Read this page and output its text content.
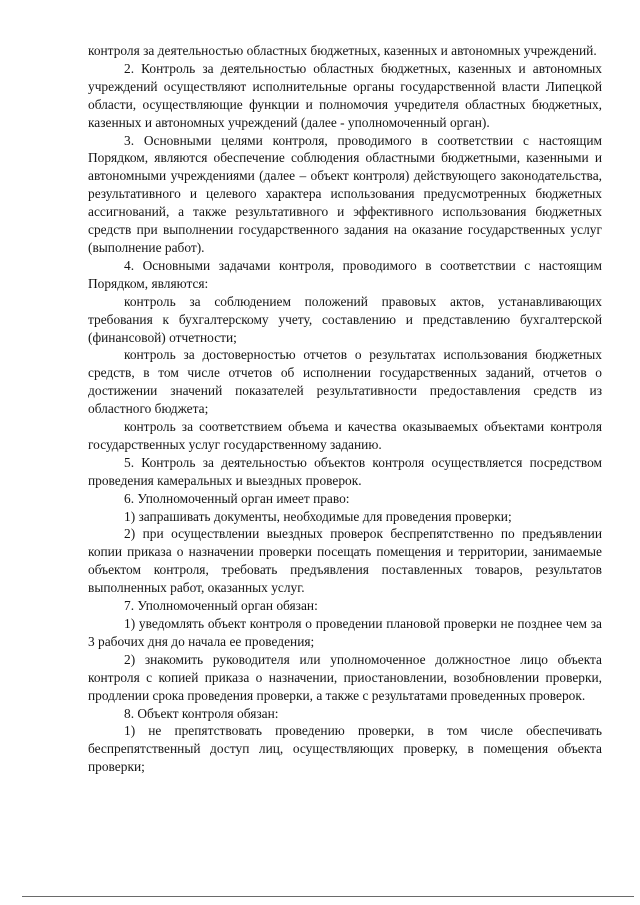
контроля за деятельностью областных бюджетных, казенных и автономных учреждений.

2. Контроль за деятельностью областных бюджетных, казенных и автономных учреждений осуществляют исполнительные органы государственной власти Липецкой области, осуществляющие функции и полномочия учредителя областных бюджетных, казенных и автономных учреждений (далее - уполномоченный орган).

3. Основными целями контроля, проводимого в соответствии с настоящим Порядком, являются обеспечение соблюдения областными бюджетными, казенными и автономными учреждениями (далее – объект контроля) действующего законодательства, результативного и целевого характера использования предусмотренных бюджетных ассигнований, а также результативного и эффективного использования бюджетных средств при выполнении государственного задания на оказание государственных услуг (выполнение работ).

4. Основными задачами контроля, проводимого в соответствии с настоящим Порядком, являются:

контроль за соблюдением положений правовых актов, устанавливающих требования к бухгалтерскому учету, составлению и представлению бухгалтерской (финансовой) отчетности;

контроль за достоверностью отчетов о результатах использования бюджетных средств, в том числе отчетов об исполнении государственных заданий, отчетов о достижении значений показателей результативности предоставления средств из областного бюджета;

контроль за соответствием объема и качества оказываемых объектами контроля государственных услуг государственному заданию.

5. Контроль за деятельностью объектов контроля осуществляется посредством проведения камеральных и выездных проверок.

6. Уполномоченный орган имеет право:

1) запрашивать документы, необходимые для проведения проверки;

2) при осуществлении выездных проверок беспрепятственно по предъявлении копии приказа о назначении проверки посещать помещения и территории, занимаемые объектом контроля, требовать предъявления поставленных товаров, результатов выполненных работ, оказанных услуг.

7. Уполномоченный орган обязан:

1) уведомлять объект контроля о проведении плановой проверки не позднее чем за 3 рабочих дня до начала ее проведения;

2) знакомить руководителя или уполномоченное должностное лицо объекта контроля с копией приказа о назначении, приостановлении, возобновлении проверки, продлении срока проведения проверки, а также с результатами проведенных проверок.

8. Объект контроля обязан:

1) не препятствовать проведению проверки, в том числе обеспечивать беспрепятственный доступ лиц, осуществляющих проверку, в помещения объекта проверки;
